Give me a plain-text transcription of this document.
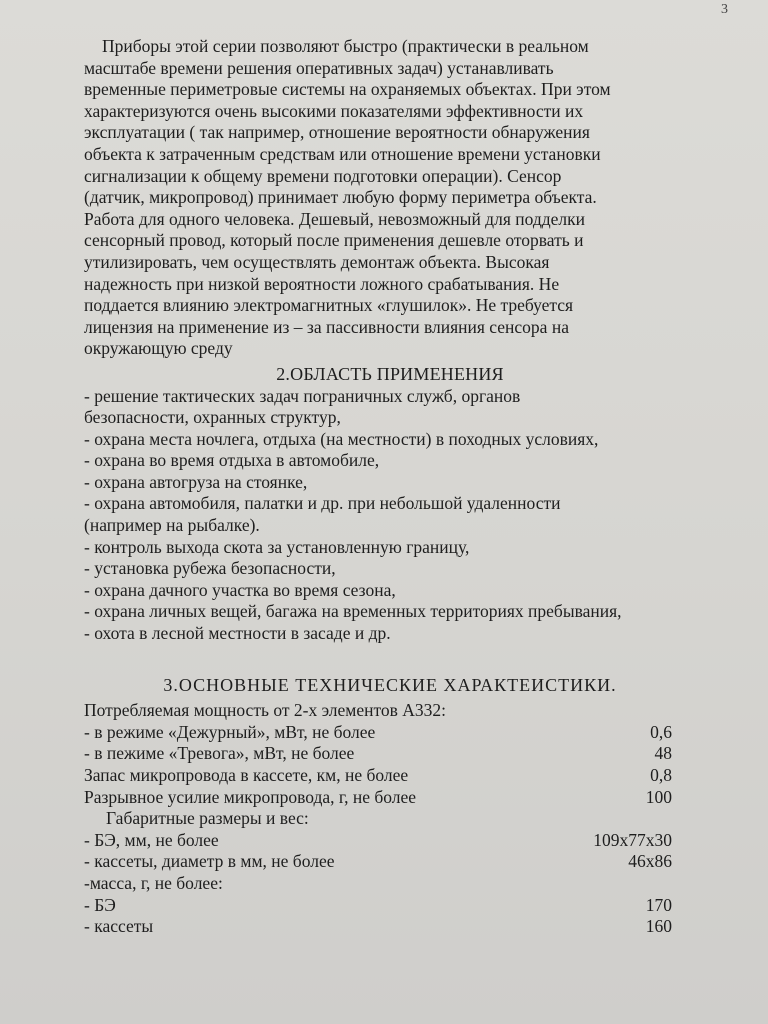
3

Приборы этой серии позволяют быстро (практически в реальном

масштабе времени решения оперативных задач) устанавливать

временные периметровые системы на охраняемых объектах. При этом

характеризуются очень высокими показателями эффективности их

эксплуатации ( так например, отношение вероятности обнаружения

объекта к затраченным средствам или отношение времени установки

сигнализации к общему времени подготовки операции). Сенсор

(датчик, микропровод) принимает любую форму периметра объекта.

Работа для одного человека. Дешевый, невозможный для подделки

сенсорный провод, который после применения дешевле оторвать и

утилизировать, чем осуществлять демонтаж объекта. Высокая

надежность при низкой вероятности ложного срабатывания. Не

поддается влиянию электромагнитных «глушилок». Не требуется

лицензия на применение из – за пассивности влияния сенсора на

окружающую среду

2.ОБЛАСТЬ ПРИМЕНЕНИЯ
- решение тактических задач пограничных служб, органов
безопасности, охранных структур,
- охрана места ночлега, отдыха (на местности) в походных условиях,
- охрана во время отдыха в автомобиле,
- охрана автогруза на стоянке,
- охрана автомобиля, палатки и др. при небольшой удаленности
(например на рыбалке).
- контроль выхода скота за установленную границу,
- установка рубежа безопасности,
- охрана дачного участка во время сезона,
- охрана личных вещей, багажа на временных территориях пребывания,
- охота в лесной местности в засаде и др.
3.ОСНОВНЫЕ ТЕХНИЧЕСКИЕ ХАРАКТЕИСТИКИ.
Потребляемая мощность от 2-х элементов А332:
- в режиме «Дежурный», мВт, не более	0,6
- в пежиме «Тревога», мВт, не более	48
Запас микропровода в кассете, км, не более	0,8
Разрывное усилие микропровода, г, не более	100
Габаритные размеры и вес:
- БЭ, мм, не более	109x77x30
- кассеты, диаметр в мм, не более	46x86
-масса, г, не более:
- БЭ	170
- кассеты	160
